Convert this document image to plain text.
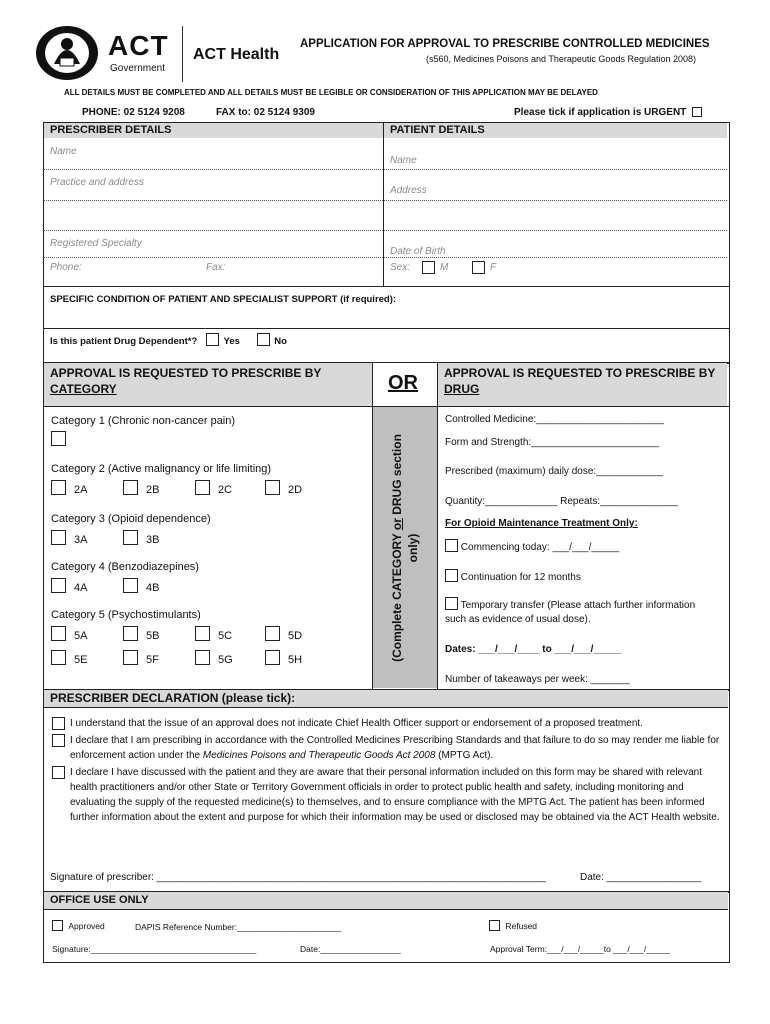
ACT
Government
ACT Health
APPLICATION FOR APPROVAL TO PRESCRIBE CONTROLLED MEDICINES
(s560, Medicines Poisons and Therapeutic Goods Regulation 2008)
ALL DETAILS MUST BE COMPLETED AND ALL DETAILS MUST BE LEGIBLE OR CONSIDERATION OF THIS APPLICATION MAY BE DELAYED
PHONE: 02 5124 9208	FAX to: 02 5124 9309	Please tick if application is URGENT
PRESCRIBER DETAILS	PATIENT DETAILS
Name
Practice and address
Registered Specialty
Phone:	Fax:
$_{Name}$
$_{Address}$
$_{Date of Birth}$
Sex:	M	F
SPECIFIC CONDITION OF PATIENT AND SPECIALIST SUPPORT (if required):
Is this patient Drug Dependent*?	Yes	No
APPROVAL IS REQUESTED TO PRESCRIBE BY
CATEGORY	OR APPROVAL IS REQUESTED TO PRESCRIBE BY
DRUG
(Complete CATEGORY or DRUG section
only)
Category 1 (Chronic non-cancer pain)
Category 2 (Active malignancy or life limiting)
2A	2B	2C	2D
Category 3 (Opioid dependence)
3A	3B
Category 4 (Benzodiazepines)
4A	4B
Category 5 (Psychostimulants)
5A	5B	5C	5D
5E	5F	5G	5H
Controlled Medicine:_______________________
Form and Strength:_______________________
Prescribed (maximum) daily dose:____________
Quantity:_____________ Repeats:______________
For Opioid Maintenance Treatment Only:
Commencing today: ___/___/_____
Continuation for 12 months
Temporary transfer (Please attach further information such as evidence of usual dose).
Dates: ___/___/____ to ___/___/_____
Number of takeaways per week: _______
PRESCRIBER DECLARATION (please tick):
I understand that the issue of an approval does not indicate Chief Health Officer support or endorsement of a proposed treatment.
I declare that I am prescribing in accordance with the Controlled Medicines Prescribing Standards and that failure to do so may render me liable for enforcement action under the Medicines Poisons and Therapeutic Goods Act 2008 (MPTG Act).
I declare I have discussed with the patient and they are aware that their personal information included on this form may be shared with relevant health practitioners and/or other State or Territory Government officials in order to protect public health and safety, including monitoring and evaluating the supply of the requested medicine(s) to themselves, and to ensure compliance with the MPTG Act. The patient has been informed further information about the extent and purpose for which their information may be used or disclosed may be obtained via the ACT Health website.
Signature of prescriber: ______________________________________________________________________	Date: _________________
OFFICE USE ONLY
Approved	DAPIS Reference Number:______________________	Refused
Signature:___________________________________	Date:_________________	Approval Term:___/___/_____to ___/___/_____
